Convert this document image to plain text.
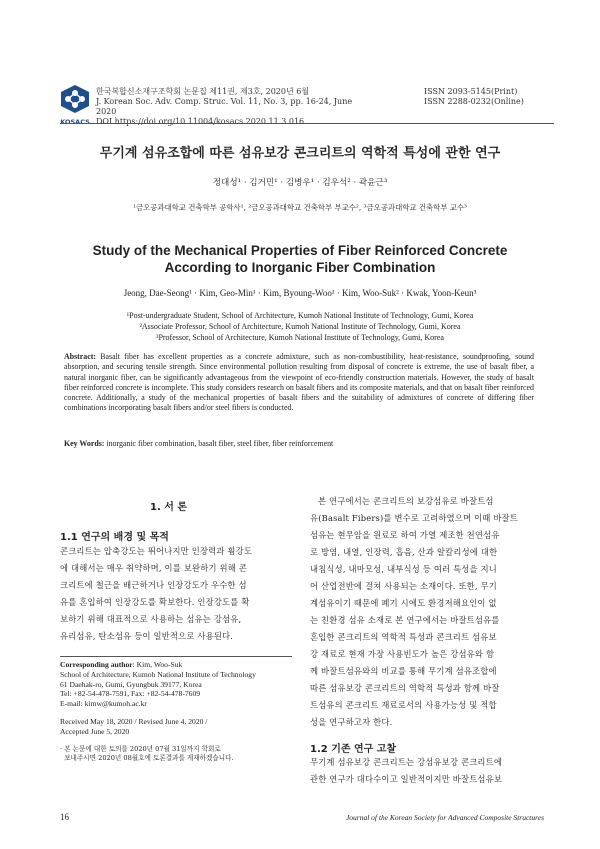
KOSACS
한국복합신소재구조학회 논문집 제11권, 제3호, 2020년 6월
J. Korean Soc. Adv. Comp. Struc. Vol. 11, No. 3, pp. 16-24, June 2020
DOI https://doi.org/10.11004/kosacs.2020.11.3.016
ISSN 2093-5145(Print)
ISSN 2288-0232(Online)
무기계 섬유조합에 따른 섬유보강 콘크리트의 역학적 특성에 관한 연구
정대성¹ · 김거민¹ · 김병우¹ · 김우석² · 곽윤근³
¹금오공과대학교 건축학부 공학사¹, ²금오공과대학교 건축학부 부교수², ³금오공과대학교 건축학부 교수³
Study of the Mechanical Properties of Fiber Reinforced Concrete
According to Inorganic Fiber Combination
Jeong, Dae-Seong¹ · Kim, Geo-Min¹ · Kim, Byoung-Woo¹ · Kim, Woo-Suk² · Kwak, Yoon-Keun³
¹Post-undergraduate Student, School of Architecture, Kumoh National Institute of Technology, Gumi, Korea
²Associate Professor, School of Architecture, Kumoh National Institute of Technology, Gumi, Korea
³Professor, School of Architecture, Kumoh National Institute of Technology, Gumi, Korea
Abstract: Basalt fiber has excellent properties as a concrete admixture, such as non-combustibility, heat-resistance, soundproofing, sound absorption, and securing tensile strength. Since environmental pollution resulting from disposal of concrete is extreme, the use of basalt fiber, a natural inorganic fiber, can be significantly advantageous from the viewpoint of eco-friendly construction materials. However, the study of basalt fiber reinforced concrete is incomplete. This study considers research on basalt fibers and its composite materials, and that on basalt fiber reinforced concrete. Additionally, a study of the mechanical properties of basalt fibers and the suitability of admixtures of concrete of differing fiber combinations incorporating basalt fibers and/or steel fibers is conducted.
Key Words: inorganic fiber combination, basalt fiber, steel fiber, fiber reinforcement
1. 서 론
1.1 연구의 배경 및 목적
콘크리트는 압축강도는 뛰어나지만 인장력과 휨강도
에 대해서는 매우 취약하며, 이를 보완하기 위해 콘
크리트에 철근을 배근하거나 인장강도가 우수한 섬
유를 혼입하여 인장강도를 확보한다. 인장강도를 확
보하기 위해 대표적으로 사용하는 섬유는 강섬유,
유리섬유, 탄소섬유 등이 일반적으로 사용된다.
Corresponding author: Kim, Woo-Suk
School of Architecture, Kumoh National Institute of Technology
61 Daehak-ro, Gumi, Gyungbuk 39177, Korea
Tel: +82-54-478-7591, Fax: +82-54-478-7609
E-mail: kimw@kumoh.ac.kr
Received May 18, 2020 / Revised June 4, 2020 /
Accepted June 5, 2020
· 본 논문에 대한 토의를 2020년 07월 31일까지 학회로
보내주시면 2020년 08월호에 토론결과를 게재하겠습니다.
본 연구에서는 콘크리트의 보강섬유로 바잘트섬
유(Basalt Fibers)를 변수로 고려하였으며 이때 바잘트
섬유는 현무암을 원료로 하여 가열 제조한 천연섬유
로 방염, 내열, 인장력, 흡음, 산과 알칼리성에 대한
내침식성, 내마모성, 내부식성 등 여러 특성을 지니
어 산업전반에 걸쳐 사용되는 소재이다. 또한, 무기
계섬유이기 때문에 폐기 시에도 환경저해요인이 없
는 친환경 섬유 소재로 본 연구에서는 바잘트섬유를
혼입한 콘크리트의 역학적 특성과 콘크리트 섬유보
강 재료로 현재 가장 사용빈도가 높은 강섬유와 함
께 바잘트섬유와의 비교를 통해 무기계 섬유조합에
따른 섬유보강 콘크리트의 역학적 특성과 함께 바잘
트섬유의 콘크리트 재료로서의 사용가능성 및 적합
성을 연구하고자 한다.
1.2 기존 연구 고찰
무기계 섬유보강 콘크리트는 강섬유보강 콘크리트에
관한 연구가 대다수이고 일반적이지만 바잘트섬유보
16	Journal of the Korean Society for Advanced Composite Structures
